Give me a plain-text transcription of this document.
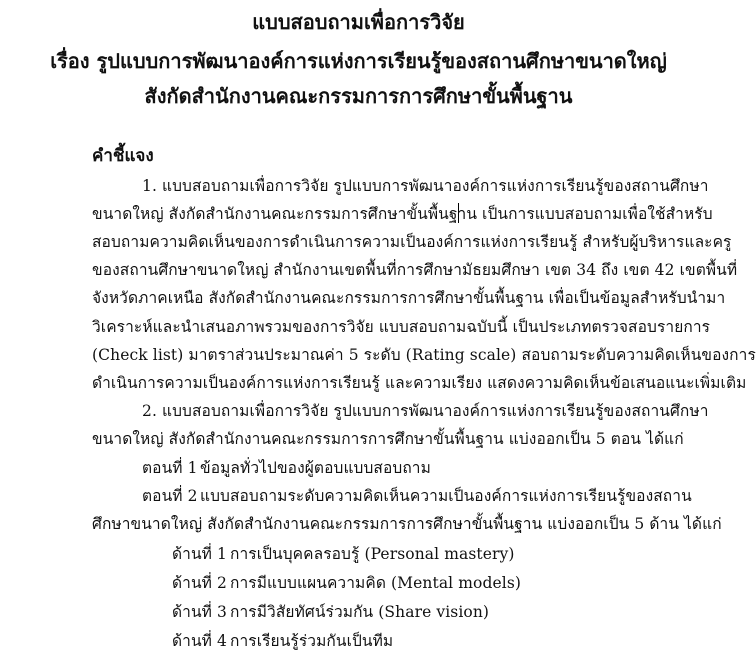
แบบสอบถามเพื่อการวิจัย
เรื่อง รูปแบบการพัฒนาองค์การแห่งการเรียนรู้ของสถานศึกษาขนาดใหญ่
สังกัดสำนักงานคณะกรรมการการศึกษาขั้นพื้นฐาน
คำชี้แจง
1. แบบสอบถามเพื่อการวิจัย รูปแบบการพัฒนาองค์การแห่งการเรียนรู้ของสถานศึกษา
ขนาดใหญ่ สังกัดสำนักงานคณะกรรมการศึกษาขั้นพื้นฐาน เป็นการแบบสอบถามเพื่อใช้สำหรับ
สอบถามความคิดเห็นของการดำเนินการความเป็นองค์การแห่งการเรียนรู้ สำหรับผู้บริหารและครู
ของสถานศึกษาขนาดใหญ่ สำนักงานเขตพื้นที่การศึกษามัธยมศึกษา เขต 34 ถึง เขต 42 เขตพื้นที่
จังหวัดภาคเหนือ สังกัดสำนักงานคณะกรรมการการศึกษาขั้นพื้นฐาน เพื่อเป็นข้อมูลสำหรับนำมา
วิเคราะห์และนำเสนอภาพรวมของการวิจัย แบบสอบถามฉบับนี้ เป็นประเภทตรวจสอบรายการ
(Check list) มาตราส่วนประมาณค่า 5 ระดับ (Rating scale) สอบถามระดับความคิดเห็นของการ
ดำเนินการความเป็นองค์การแห่งการเรียนรู้ และความเรียง แสดงความคิดเห็นข้อเสนอแนะเพิ่มเติม
2. แบบสอบถามเพื่อการวิจัย รูปแบบการพัฒนาองค์การแห่งการเรียนรู้ของสถานศึกษา
ขนาดใหญ่ สังกัดสำนักงานคณะกรรมการการศึกษาขั้นพื้นฐาน แบ่งออกเป็น 5 ตอน ได้แก่
ตอนที่ 1 ข้อมูลทั่วไปของผู้ตอบแบบสอบถาม
ตอนที่ 2 แบบสอบถามระดับความคิดเห็นความเป็นองค์การแห่งการเรียนรู้ของสถาน
ศึกษาขนาดใหญ่ สังกัดสำนักงานคณะกรรมการการศึกษาขั้นพื้นฐาน แบ่งออกเป็น 5 ด้าน ได้แก่
ด้านที่ 1 การเป็นบุคคลรอบรู้ (Personal mastery)
ด้านที่ 2 การมีแบบแผนความคิด (Mental models)
ด้านที่ 3 การมีวิสัยทัศน์ร่วมกัน (Share vision)
ด้านที่ 4 การเรียนรู้ร่วมกันเป็นทีม
